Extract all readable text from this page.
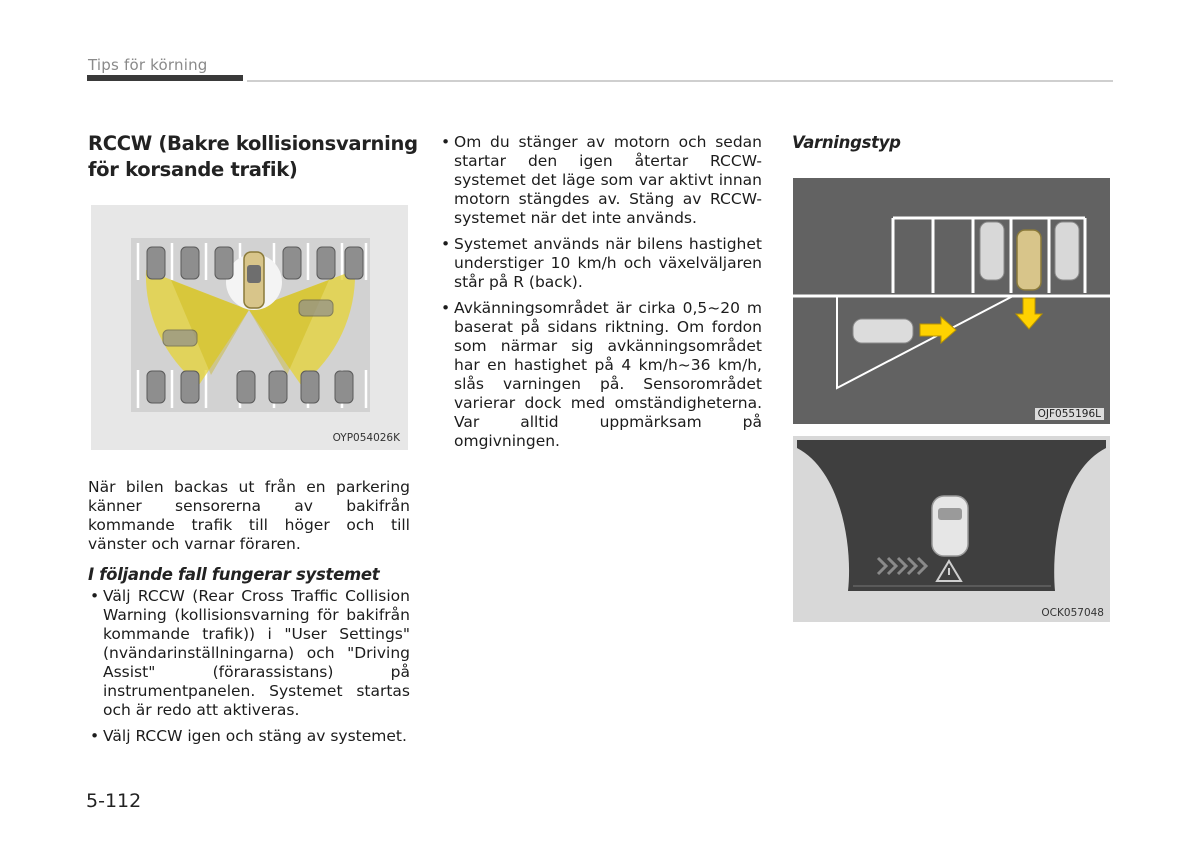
Tips för körning
RCCW (Bakre kollisionsvarning
för korsande trafik)
OYP054026K

När bilen backas ut från en parkering känner sensorerna av bakifrån kommande trafik till höger och till vänster och varnar föraren.

I följande fall fungerar systemet
• Välj RCCW (Rear Cross Traffic Collision Warning (kollisionsvarning för bakifrån kommande trafik)) i "User Settings" (nvändarinställningarna) och "Driving Assist" (förarassistans) på instrumentpanelen. Systemet startas och är redo att aktiveras.
• Välj RCCW igen och stäng av systemet.
• Om du stänger av motorn och sedan startar den igen återtar RCCW-systemet det läge som var aktivt innan motorn stängdes av. Stäng av RCCW-systemet när det inte används.
• Systemet används när bilens hastighet understiger 10 km/h och växelväljaren står på R (back).
• Avkänningsområdet är cirka 0,5~20 m baserat på sidans riktning. Om fordon som närmar sig avkänningsområdet har en hastighet på 4 km/h~36 km/h, slås varningen på. Sensorområdet varierar dock med omständigheterna. Var alltid uppmärksam på omgivningen.
Varningstyp
OJF055196L
OCK057048
5-112
